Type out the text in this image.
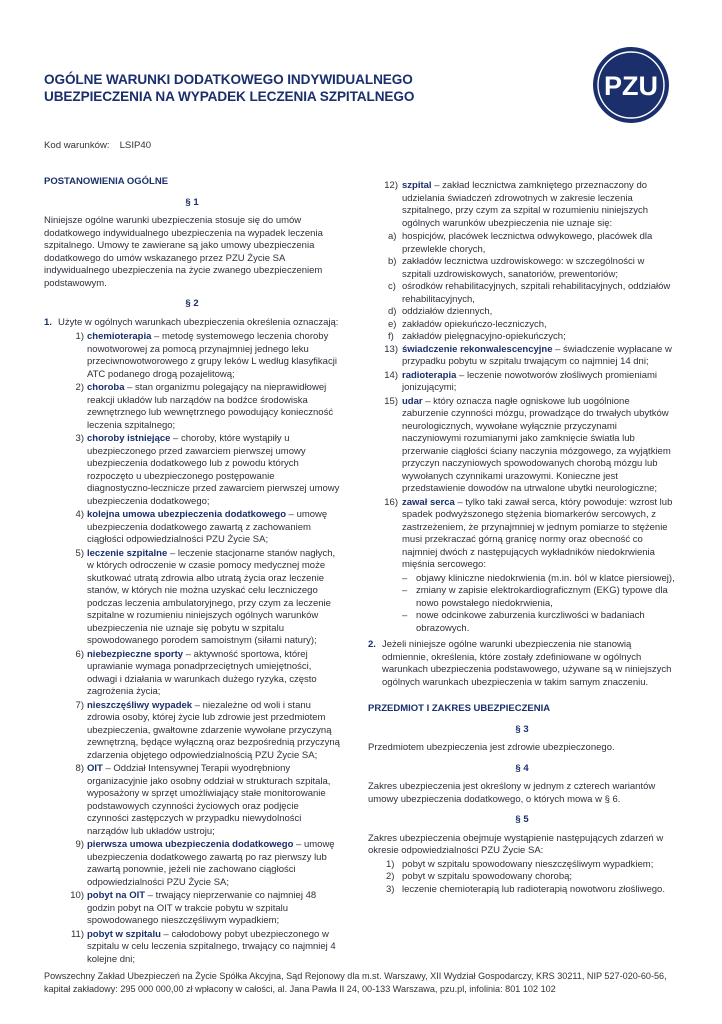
OGÓLNE WARUNKI DODATKOWEGO INDYWIDUALNEGO
UBEZPIECZENIA NA WYPADEK LECZENIA SZPITALNEGO
Kod warunków: LSIP40
PZU
POSTANOWIENIA OGÓLNE
§ 1

Niniejsze ogólne warunki ubezpieczenia stosuje się do umów dodatkowego indywidualnego ubezpieczenia na wypadek leczenia szpitalnego. Umowy te zawierane są jako umowy ubezpieczenia dodatkowego do umów wskazanego przez PZU Życie SA indywidualnego ubezpieczenia na życie zwanego ubezpieczeniem podstawowym.

§ 2
1. Użyte w ogólnych warunkach ubezpieczenia określenia oznaczają:
1) chemioterapia – metodę systemowego leczenia choroby nowotworowej za pomocą przynajmniej jednego leku przeciwnowotworowego z grupy leków L według klasyfikacji ATC podanego drogą pozajelitową;
2) choroba – stan organizmu polegający na nieprawidłowej reakcji układów lub narządów na bodźce środowiska zewnętrznego lub wewnętrznego powodujący konieczność leczenia szpitalnego;
3) choroby istniejące – choroby, które wystąpiły u ubezpieczonego przed zawarciem pierwszej umowy ubezpieczenia dodatkowego lub z powodu których rozpoczęto u ubezpieczonego postępowanie diagnostyczno-lecznicze przed zawarciem pierwszej umowy ubezpieczenia dodatkowego;
4) kolejna umowa ubezpieczenia dodatkowego – umowę ubezpieczenia dodatkowego zawartą z zachowaniem ciągłości odpowiedzialności PZU Życie SA;
5) leczenie szpitalne – leczenie stacjonarne stanów nagłych, w których odroczenie w czasie pomocy medycznej może skutkować utratą zdrowia albo utratą życia oraz leczenie stanów, w których nie można uzyskać celu leczniczego podczas leczenia ambulatoryjnego, przy czym za leczenie szpitalne w rozumieniu niniejszych ogólnych warunków ubezpieczenia nie uznaje się pobytu w szpitalu spowodowanego porodem samoistnym (siłami natury);
6) niebezpieczne sporty – aktywność sportowa, której uprawianie wymaga ponadprzeciętnych umiejętności, odwagi i działania w warunkach dużego ryzyka, często zagrożenia życia;
7) nieszczęśliwy wypadek – niezależne od woli i stanu zdrowia osoby, której życie lub zdrowie jest przedmiotem ubezpieczenia, gwałtowne zdarzenie wywołane przyczyną zewnętrzną, będące wyłączną oraz bezpośrednią przyczyną zdarzenia objętego odpowiedzialnością PZU Życie SA;
8) OIT – Oddział Intensywnej Terapii wyodrębniony organizacyjnie jako osobny oddział w strukturach szpitala, wyposażony w sprzęt umożliwiający stałe monitorowanie podstawowych czynności życiowych oraz podjęcie czynności zastępczych w przypadku niewydolności narządów lub układów ustroju;
9) pierwsza umowa ubezpieczenia dodatkowego – umowę ubezpieczenia dodatkowego zawartą po raz pierwszy lub zawartą ponownie, jeżeli nie zachowano ciągłości odpowiedzialności PZU Życie SA;
10) pobyt na OIT – trwający nieprzerwanie co najmniej 48 godzin pobyt na OIT w trakcie pobytu w szpitalu spowodowanego nieszczęśliwym wypadkiem;
11) pobyt w szpitalu – całodobowy pobyt ubezpieczonego w szpitalu w celu leczenia szpitalnego, trwający co najmniej 4 kolejne dni;
12) szpital – zakład lecznictwa zamkniętego przeznaczony do udzielania świadczeń zdrowotnych w zakresie leczenia szpitalnego, przy czym za szpital w rozumieniu niniejszych ogólnych warunków ubezpieczenia nie uznaje się:
a) hospicjów, placówek lecznictwa odwykowego, placówek dla przewlekle chorych,
b) zakładów lecznictwa uzdrowiskowego: w szczególności w szpitali uzdrowiskowych, sanatoriów, prewentoriów;
c) ośrodków rehabilitacyjnych, szpitali rehabilitacyjnych, oddziałów rehabilitacyjnych,
d) oddziałów dziennych,
e) zakładów opiekuńczo-leczniczych,
f) zakładów pielęgnacyjno-opiekuńczych;
13) świadczenie rekonwalescencyjne – świadczenie wypłacane w przypadku pobytu w szpitalu trwającym co najmniej 14 dni;
14) radioterapia – leczenie nowotworów złośliwych promieniami jonizującymi;
15) udar – który oznacza nagłe ogniskowe lub uogólnione zaburzenie czynności mózgu, prowadzące do trwałych ubytków neurologicznych, wywołane wyłącznie przyczynami naczyniowymi rozumianymi jako zamknięcie światła lub przerwanie ciągłości ściany naczynia mózgowego, za wyjątkiem przyczyn naczyniowych spowodowanych chorobą mózgu lub wywołanych czynnikami urazowymi. Konieczne jest przedstawienie dowodów na utrwalone ubytki neurologiczne;
16) zawał serca – tylko taki zawał serca, który powoduje: wzrost lub spadek podwyższonego stężenia biomarkerów sercowych, z zastrzeżeniem, że przynajmniej w jednym pomiarze to stężenie musi przekraczać górną granicę normy oraz obecność co najmniej dwóch z następujących wykładników niedokrwienia mięśnia sercowego:
– objawy kliniczne niedokrwienia (m.in. ból w klatce piersiowej),
– zmiany w zapisie elektrokardiograficznym (EKG) typowe dla nowo powstałego niedokrwienia,
– nowe odcinkowe zaburzenia kurczliwości w badaniach obrazowych.
2. Jeżeli niniejsze ogólne warunki ubezpieczenia nie stanowią odmiennie, określenia, które zostały zdefiniowane w ogólnych warunkach ubezpieczenia podstawowego, używane są w niniejszych ogólnych warunkach ubezpieczenia w takim samym znaczeniu.
PRZEDMIOT I ZAKRES UBEZPIECZENIA
§ 3

Przedmiotem ubezpieczenia jest zdrowie ubezpieczonego.

§ 4

Zakres ubezpieczenia jest określony w jednym z czterech wariantów umowy ubezpieczenia dodatkowego, o których mowa w § 6.

§ 5

Zakres ubezpieczenia obejmuje wystąpienie następujących zdarzeń w okresie odpowiedzialności PZU Życie SA:

1) pobyt w szpitalu spowodowany nieszczęśliwym wypadkiem;
2) pobyt w szpitalu spowodowany chorobą;
3) leczenie chemioterapią lub radioterapią nowotworu złośliwego.
Powszechny Zakład Ubezpieczeń na Życie Spółka Akcyjna, Sąd Rejonowy dla m.st. Warszawy, XII Wydział Gospodarczy, KRS 30211, NIP 527-020-60-56,
kapitał zakładowy: 295 000 000,00 zł wpłacony w całości, al. Jana Pawła II 24, 00-133 Warszawa, pzu.pl, infolinia: 801 102 102
